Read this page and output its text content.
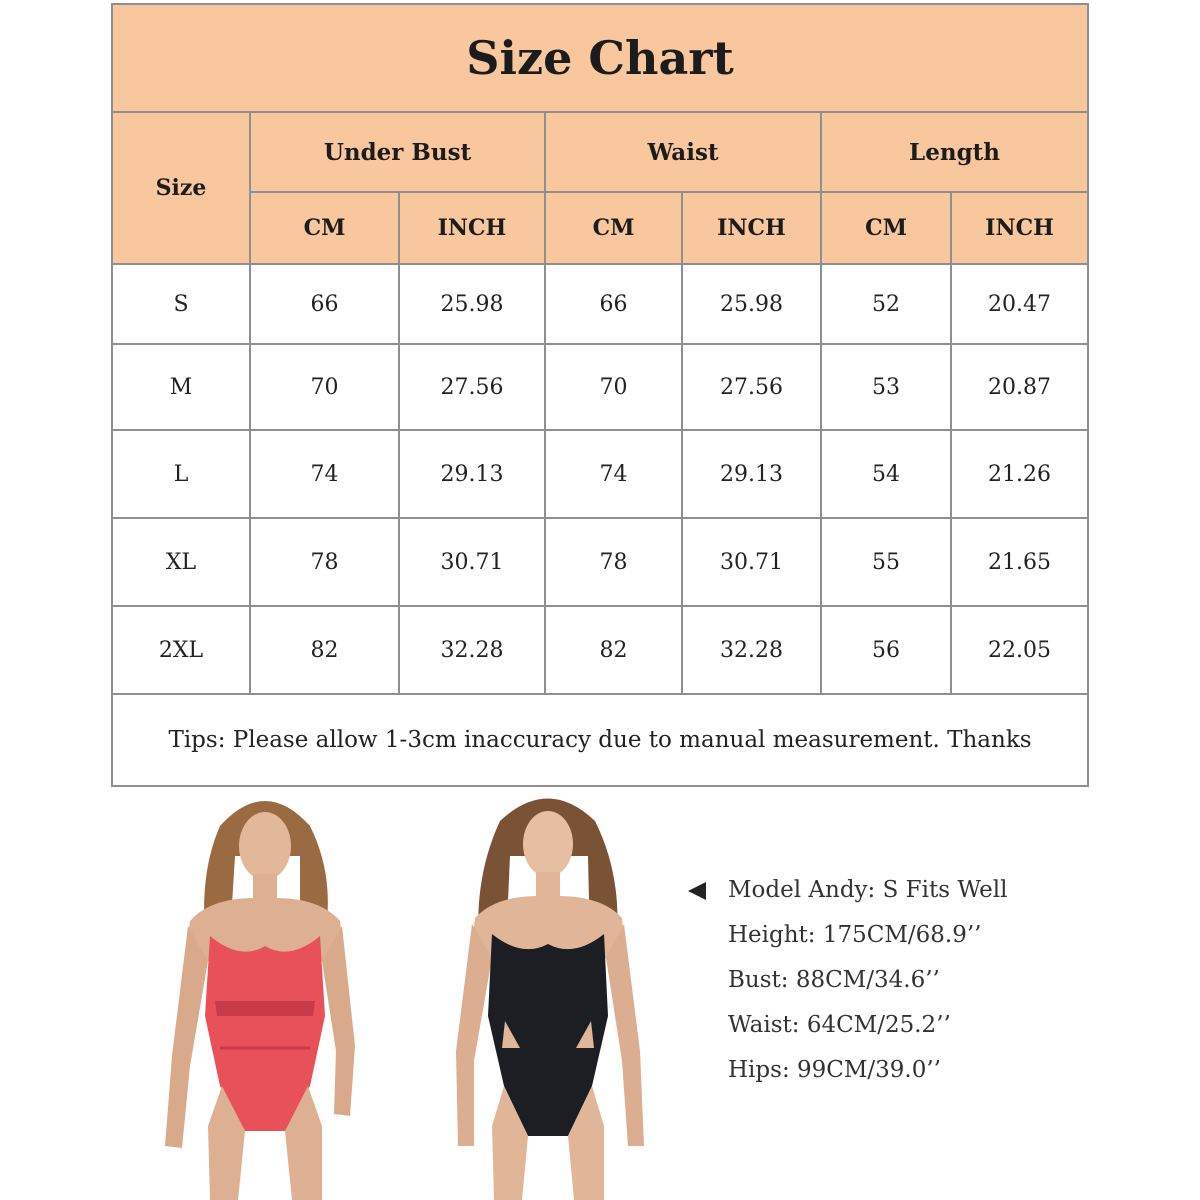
Size Chart						
Size	Under Bust		Waist		Length	
	CM	INCH	CM	INCH	CM	INCH
S	66	25.98	66	25.98	52	20.47
M	70	27.56	70	27.56	53	20.87
L	74	29.13	74	29.13	54	21.26
XL	78	30.71	78	30.71	55	21.65
2XL	82	32.28	82	32.28	56	22.05
Tips: Please allow 1-3cm inaccuracy due to manual measurement. Thanks						
Model Andy: S Fits Well
Height: 175CM/68.9’’
Bust: 88CM/34.6’’
Waist: 64CM/25.2’’
Hips: 99CM/39.0’’
